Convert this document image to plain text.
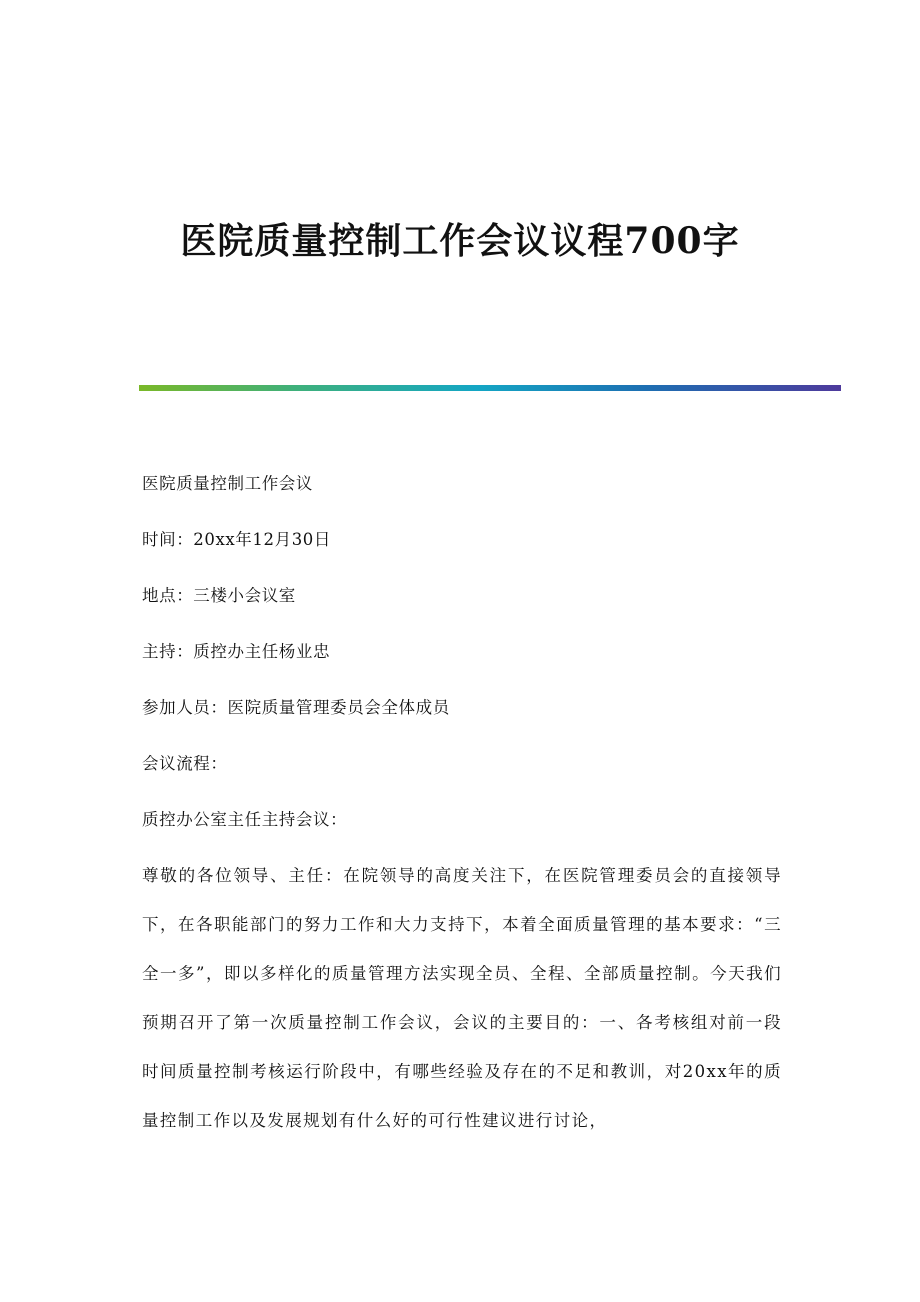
医院质量控制工作会议议程700字

医院质量控制工作会议

时间：20xx年12月30日

地点：三楼小会议室

主持：质控办主任杨业忠

参加人员：医院质量管理委员会全体成员

会议流程：

质控办公室主任主持会议：

尊敬的各位领导、主任：在院领导的高度关注下，在医院管理委员会的直接领导下，在各职能部门的努力工作和大力支持下，本着全面质量管理的基本要求：“三全一多”，即以多样化的质量管理方法实现全员、全程、全部质量控制。今天我们预期召开了第一次质量控制工作会议，会议的主要目的：一、各考核组对前一段时间质量控制考核运行阶段中，有哪些经验及存在的不足和教训，对20xx年的质量控制工作以及发展规划有什么好的可行性建议进行讨论，
